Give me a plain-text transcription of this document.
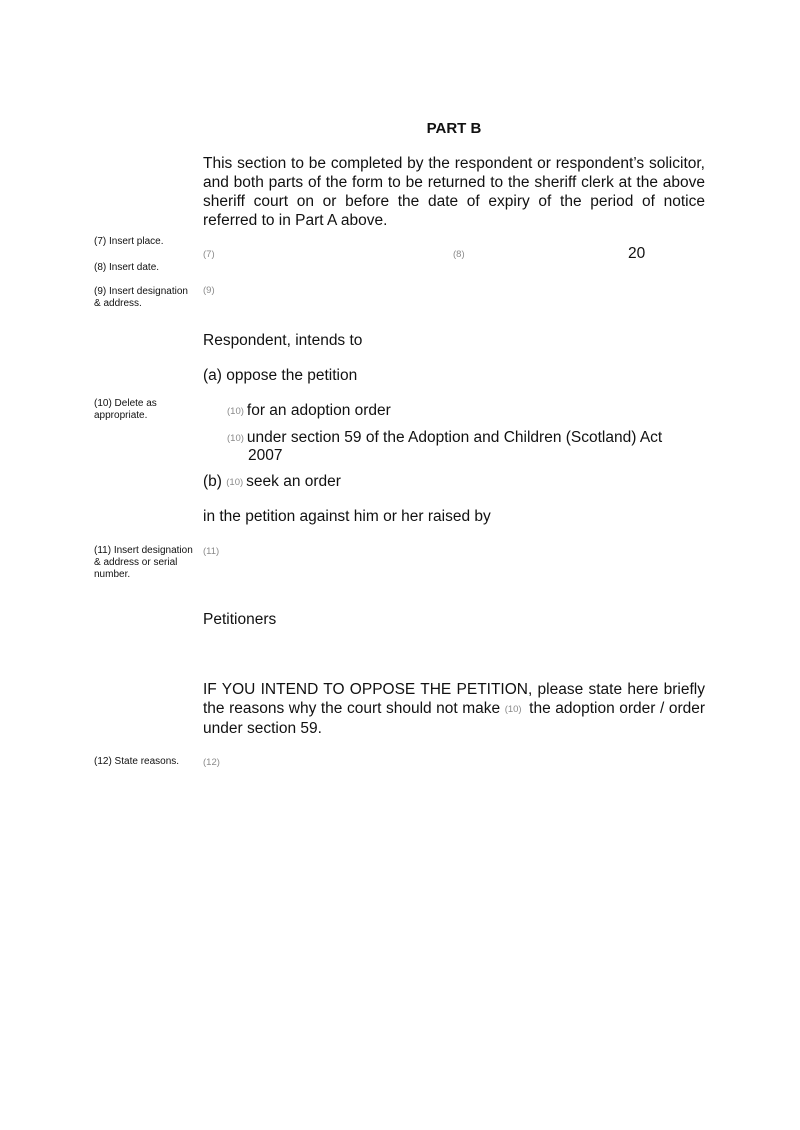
PART B
This section to be completed by the respondent or respondent’s solicitor, and both parts of the form to be returned to the sheriff clerk at the above sheriff court on or before the date of expiry of the period of notice referred to in Part A above.
(7) Insert place.
(8) Insert date.
(9) Insert designation & address.
(10) Delete as appropriate.
(11) Insert designation & address or serial number.
(12) State reasons.
(7)	(8)	20
(9)
Respondent, intends to
(a) oppose the petition
(10) for an adoption order
(10) under section 59 of the Adoption and Children (Scotland) Act
2007
(b) (10) seek an order
in the petition against him or her raised by
(11)
Petitioners
IF YOU INTEND TO OPPOSE THE PETITION, please state here briefly the reasons why the court should not make (10) the adoption order / order under section 59.
(12)
